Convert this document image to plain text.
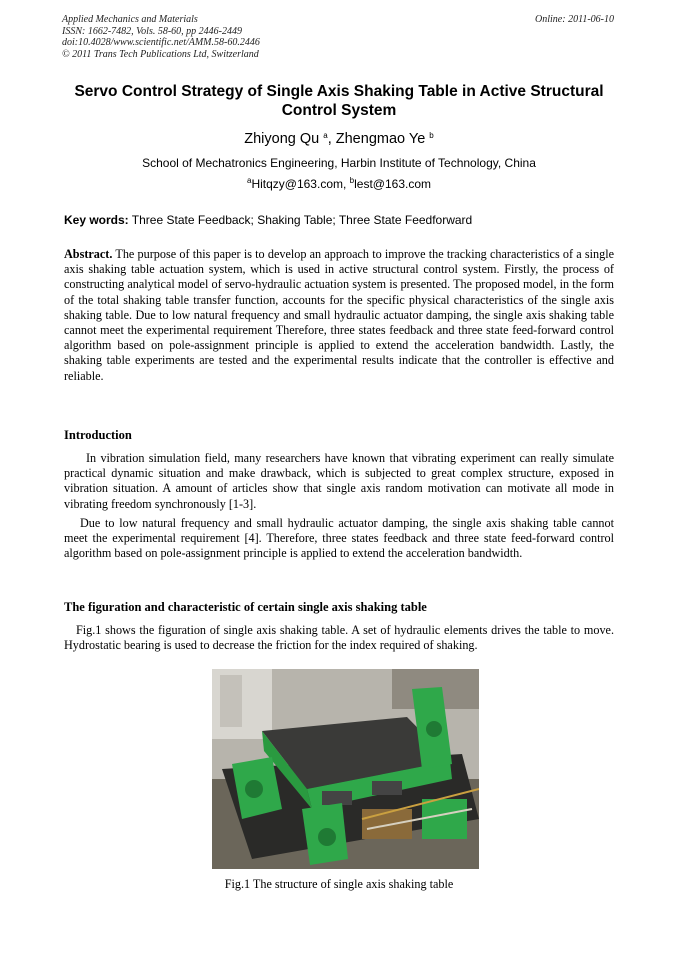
Applied Mechanics and Materials
ISSN: 1662-7482, Vols. 58-60, pp 2446-2449
doi:10.4028/www.scientific.net/AMM.58-60.2446
© 2011 Trans Tech Publications Ltd, Switzerland
Online: 2011-06-10
Servo Control Strategy of Single Axis Shaking Table in Active Structural Control System
Zhiyong Qu $^a$, Zhengmao Ye $^b$
School of Mechatronics Engineering, Harbin Institute of Technology, China
$^a$Hitqzy@163.com, $^b$lest@163.com
Key words: Three State Feedback; Shaking Table; Three State Feedforward

Abstract. The purpose of this paper is to develop an approach to improve the tracking characteristics of a single axis shaking table actuation system, which is used in active structural control system. Firstly, the process of constructing analytical model of servo-hydraulic actuation system is presented. The proposed model, in the form of the total shaking table transfer function, accounts for the specific physical characteristics of the single axis shaking table. Due to low natural frequency and small hydraulic actuator damping, the single axis shaking table cannot meet the experimental requirement Therefore, three states feedback and three state feed-forward control algorithm based on pole-assignment principle is applied to extend the acceleration bandwidth. Lastly, the shaking table experiments are tested and the experimental results indicate that the controller is effective and reliable.

Introduction

In vibration simulation field, many researchers have known that vibrating experiment can really simulate practical dynamic situation and make drawback, which is subjected to great complex structure, exposed in vibration situation. A amount of articles show that single axis random motivation can motivate all mode in vibrating freedom synchronously [1-3].

Due to low natural frequency and small hydraulic actuator damping, the single axis shaking table cannot meet the experimental requirement [4]. Therefore, three states feedback and three state feed-forward control algorithm based on pole-assignment principle is applied to extend the acceleration bandwidth.

The figuration and characteristic of certain single axis shaking table

Fig.1 shows the figuration of single axis shaking table. A set of hydraulic elements drives the table to move. Hydrostatic bearing is used to decrease the friction for the index required of shaking.

Fig.1 The structure of single axis shaking table
